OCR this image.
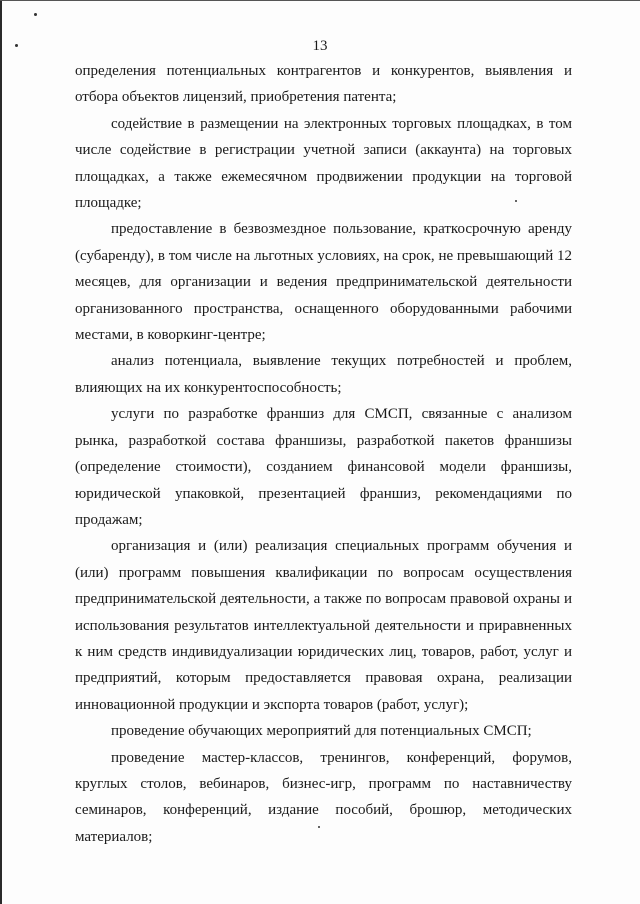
13

определения потенциальных контрагентов и конкурентов, выявления и отбора объектов лицензий, приобретения патента;

содействие в размещении на электронных торговых площадках, в том числе содействие в регистрации учетной записи (аккаунта) на торговых площадках, а также ежемесячном продвижении продукции на торговой площадке;

предоставление в безвозмездное пользование, краткосрочную аренду (субаренду), в том числе на льготных условиях, на срок, не превышающий 12 месяцев, для организации и ведения предпринимательской деятельности организованного пространства, оснащенного оборудованными рабочими местами, в коворкинг-центре;

анализ потенциала, выявление текущих потребностей и проблем, влияющих на их конкурентоспособность;

услуги по разработке франшиз для СМСП, связанные с анализом рынка, разработкой состава франшизы, разработкой пакетов франшизы (определение стоимости), созданием финансовой модели франшизы, юридической упаковкой, презентацией франшиз, рекомендациями по продажам;

организация и (или) реализация специальных программ обучения и (или) программ повышения квалификации по вопросам осуществления предпринимательской деятельности, а также по вопросам правовой охраны и использования результатов интеллектуальной деятельности и приравненных к ним средств индивидуализации юридических лиц, товаров, работ, услуг и предприятий, которым предоставляется правовая охрана, реализации инновационной продукции и экспорта товаров (работ, услуг);

проведение обучающих мероприятий для потенциальных СМСП;

проведение мастер-классов, тренингов, конференций, форумов, круглых столов, вебинаров, бизнес-игр, программ по наставничеству семинаров, конференций, издание пособий, брошюр, методических материалов;
